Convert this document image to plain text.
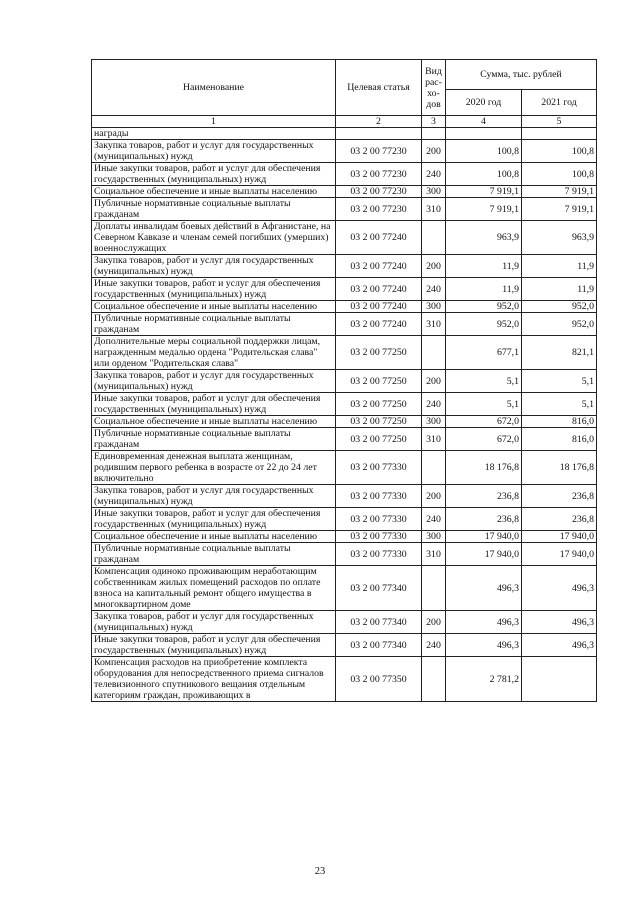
Наименование	Целевая статья	Вид
рас-
хо-
дов	Сумма, тыс. рублей	
			2020 год	2021 год
1	2	3	4	5
награды				
Закупка товаров, работ и услуг для государственных (муниципальных) нужд	03 2 00 77230	200	100,8	100,8
Иные закупки товаров, работ и услуг для обеспечения государственных (муниципальных) нужд	03 2 00 77230	240	100,8	100,8
Социальное обеспечение и иные выплаты населению	03 2 00 77230	300	7 919,1	7 919,1
Публичные нормативные социальные выплаты гражданам	03 2 00 77230	310	7 919,1	7 919,1
Доплаты инвалидам боевых действий в Афганистане, на Северном Кавказе и членам семей погибших (умерших) военнослужащих	03 2 00 77240		963,9	963,9
Закупка товаров, работ и услуг для государственных (муниципальных) нужд	03 2 00 77240	200	11,9	11,9
Иные закупки товаров, работ и услуг для обеспечения государственных (муниципальных) нужд	03 2 00 77240	240	11,9	11,9
Социальное обеспечение и иные выплаты населению	03 2 00 77240	300	952,0	952,0
Публичные нормативные социальные выплаты гражданам	03 2 00 77240	310	952,0	952,0
Дополнительные меры социальной поддержки лицам, награжденным медалью ордена "Родительская слава" или орденом "Родительская слава"	03 2 00 77250		677,1	821,1
Закупка товаров, работ и услуг для государственных (муниципальных) нужд	03 2 00 77250	200	5,1	5,1
Иные закупки товаров, работ и услуг для обеспечения государственных (муниципальных) нужд	03 2 00 77250	240	5,1	5,1
Социальное обеспечение и иные выплаты населению	03 2 00 77250	300	672,0	816,0
Публичные нормативные социальные выплаты гражданам	03 2 00 77250	310	672,0	816,0
Единовременная денежная выплата женщинам, родившим первого ребенка в возрасте от 22 до 24 лет включительно	03 2 00 77330		18 176,8	18 176,8
Закупка товаров, работ и услуг для государственных (муниципальных) нужд	03 2 00 77330	200	236,8	236,8
Иные закупки товаров, работ и услуг для обеспечения государственных (муниципальных) нужд	03 2 00 77330	240	236,8	236,8
Социальное обеспечение и иные выплаты населению	03 2 00 77330	300	17 940,0	17 940,0
Публичные нормативные социальные выплаты гражданам	03 2 00 77330	310	17 940,0	17 940,0
Компенсация одиноко проживающим неработающим собственникам жилых помещений расходов по оплате взноса на капитальный ремонт общего имущества в многоквартирном доме	03 2 00 77340		496,3	496,3
Закупка товаров, работ и услуг для государственных (муниципальных) нужд	03 2 00 77340	200	496,3	496,3
Иные закупки товаров, работ и услуг для обеспечения государственных (муниципальных) нужд	03 2 00 77340	240	496,3	496,3
Компенсация расходов на приобретение комплекта оборудования для непосредственного приема сигналов телевизионного спутникового вещания отдельным категориям граждан, проживающих в	03 2 00 77350		2 781,2	
23
